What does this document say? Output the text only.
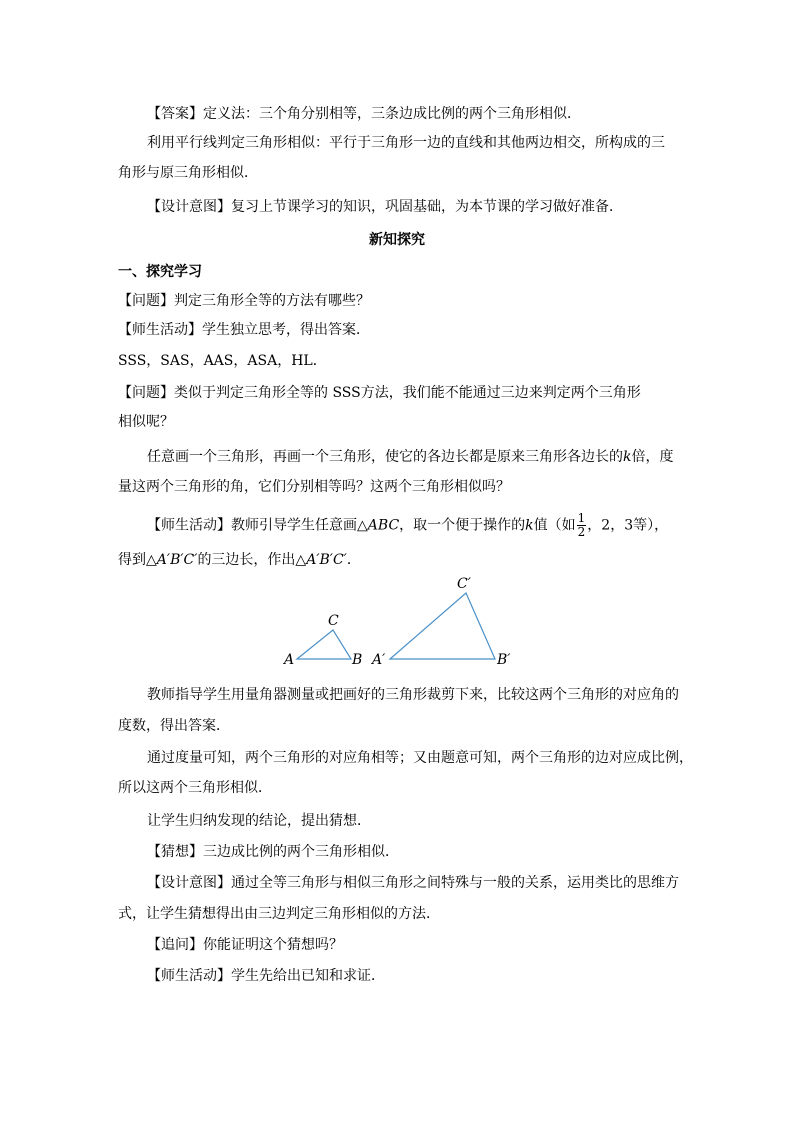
【答案】定义法：三个角分别相等，三条边成比例的两个三角形相似．
利用平行线判定三角形相似：平行于三角形一边的直线和其他两边相交，所构成的三
角形与原三角形相似．
【设计意图】复习上节课学习的知识，巩固基础，为本节课的学习做好准备．
新知探究
一、探究学习
【问题】判定三角形全等的方法有哪些？
【师生活动】学生独立思考，得出答案．
SSS，SAS，AAS，ASA，HL．
【问题】类似于判定三角形全等的 SSS方法，我们能不能通过三边来判定两个三角形
相似呢？
任意画一个三角形，再画一个三角形，使它的各边长都是原来三角形各边长的k倍，度
量这两个三角形的角，它们分别相等吗？这两个三角形相似吗？
【师生活动】教师引导学生任意画△ABC，取一个便于操作的k值（如 $\frac{1}{2}$ ，2，3等），
得到△A′B′C′的三边长，作出△A′B′C′．
A	B
C
A′	B′
C′
教师指导学生用量角器测量或把画好的三角形裁剪下来，比较这两个三角形的对应角的
度数，得出答案．
通过度量可知，两个三角形的对应角相等；又由题意可知，两个三角形的边对应成比例，
所以这两个三角形相似．
让学生归纳发现的结论，提出猜想．
【猜想】三边成比例的两个三角形相似．
【设计意图】通过全等三角形与相似三角形之间特殊与一般的关系，运用类比的思维方
式，让学生猜想得出由三边判定三角形相似的方法．
【追问】你能证明这个猜想吗？
【师生活动】学生先给出已知和求证．
